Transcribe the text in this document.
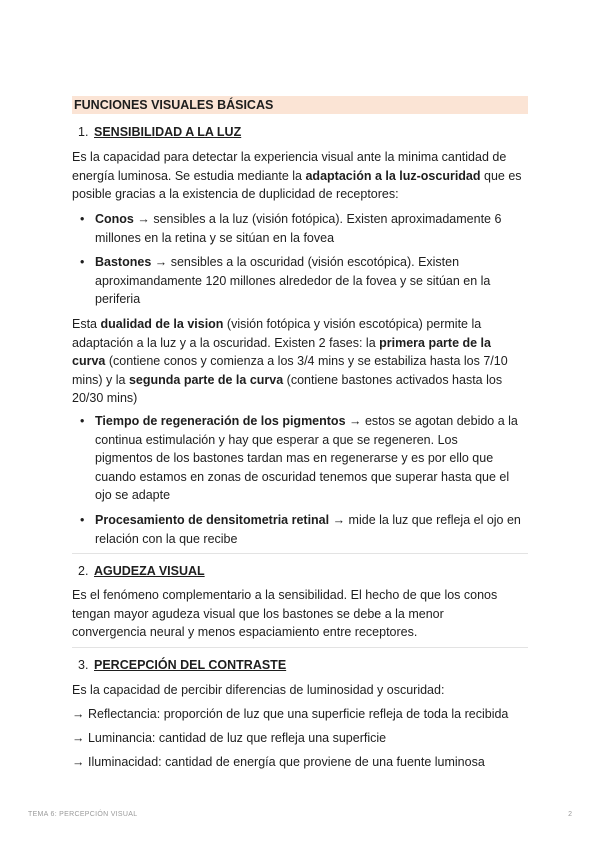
FUNCIONES VISUALES BÁSICAS
1. SENSIBILIDAD A LA LUZ
Es la capacidad para detectar la experiencia visual ante la minima cantidad de
energía luminosa. Se estudia mediante la adaptación a la luz-oscuridad que es
posible gracias a la existencia de duplicidad de receptores:
• Conos → sensibles a la luz (visión fotópica). Existen aproximadamente 6
millones en la retina y se sitúan en la fovea
• Bastones → sensibles a la oscuridad (visión escotópica). Existen
aproximandamente 120 millones alrededor de la fovea y se sitúan en la
periferia
Esta dualidad de la vision (visión fotópica y visión escotópica) permite la
adaptación a la luz y a la oscuridad. Existen 2 fases: la primera parte de la
curva (contiene conos y comienza a los 3/4 mins y se estabiliza hasta los 7/10
mins) y la segunda parte de la curva (contiene bastones activados hasta los
20/30 mins)
• Tiempo de regeneración de los pigmentos → estos se agotan debido a la
continua estimulación y hay que esperar a que se regeneren. Los
pigmentos de los bastones tardan mas en regenerarse y es por ello que
cuando estamos en zonas de oscuridad tenemos que superar hasta que el
ojo se adapte
• Procesamiento de densitometria retinal → mide la luz que refleja el ojo en
relación con la que recibe
2. AGUDEZA VISUAL
Es el fenómeno complementario a la sensibilidad. El hecho de que los conos
tengan mayor agudeza visual que los bastones se debe a la menor
convergencia neural y menos espaciamiento entre receptores.
3. PERCEPCIÓN DEL CONTRASTE
Es la capacidad de percibir diferencias de luminosidad y oscuridad:
→ Reflectancia: proporción de luz que una superficie refleja de toda la recibida
→ Luminancia: cantidad de luz que refleja una superficie
→ Iluminacidad: cantidad de energía que proviene de una fuente luminosa
TEMA 6: PERCEPCIÓN VISUAL	2
